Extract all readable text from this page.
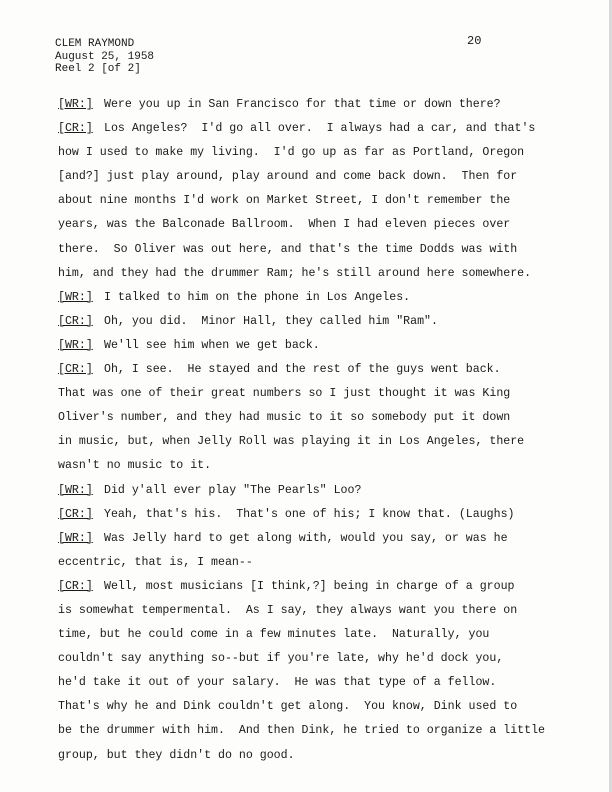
CLEM RAYMOND
August 25, 1958
Reel 2 [of 2]
20
[WR:] Were you up in San Francisco for that time or down there?
[CR:] Los Angeles?  I'd go all over.  I always had a car, and that's
how I used to make my living.  I'd go up as far as Portland, Oregon
[and?] just play around, play around and come back down.  Then for
about nine months I'd work on Market Street, I don't remember the
years, was the Balconade Ballroom.  When I had eleven pieces over
there.  So Oliver was out here, and that's the time Dodds was with
him, and they had the drummer Ram; he's still around here somewhere.
[WR:] I talked to him on the phone in Los Angeles.
[CR:] Oh, you did.  Minor Hall, they called him "Ram".
[WR:] We'll see him when we get back.
[CR:] Oh, I see.  He stayed and the rest of the guys went back.
That was one of their great numbers so I just thought it was King
Oliver's number, and they had music to it so somebody put it down
in music, but, when Jelly Roll was playing it in Los Angeles, there
wasn't no music to it.
[WR:] Did y'all ever play "The Pearls" Loo?
[CR:] Yeah, that's his.  That's one of his; I know that. (Laughs)
[WR:] Was Jelly hard to get along with, would you say, or was he
eccentric, that is, I mean--
[CR:] Well, most musicians [I think,?] being in charge of a group
is somewhat tempermental.  As I say, they always want you there on
time, but he could come in a few minutes late.  Naturally, you
couldn't say anything so--but if you're late, why he'd dock you,
he'd take it out of your salary.  He was that type of a fellow.
That's why he and Dink couldn't get along.  You know, Dink used to
be the drummer with him.  And then Dink, he tried to organize a little
group, but they didn't do no good.
